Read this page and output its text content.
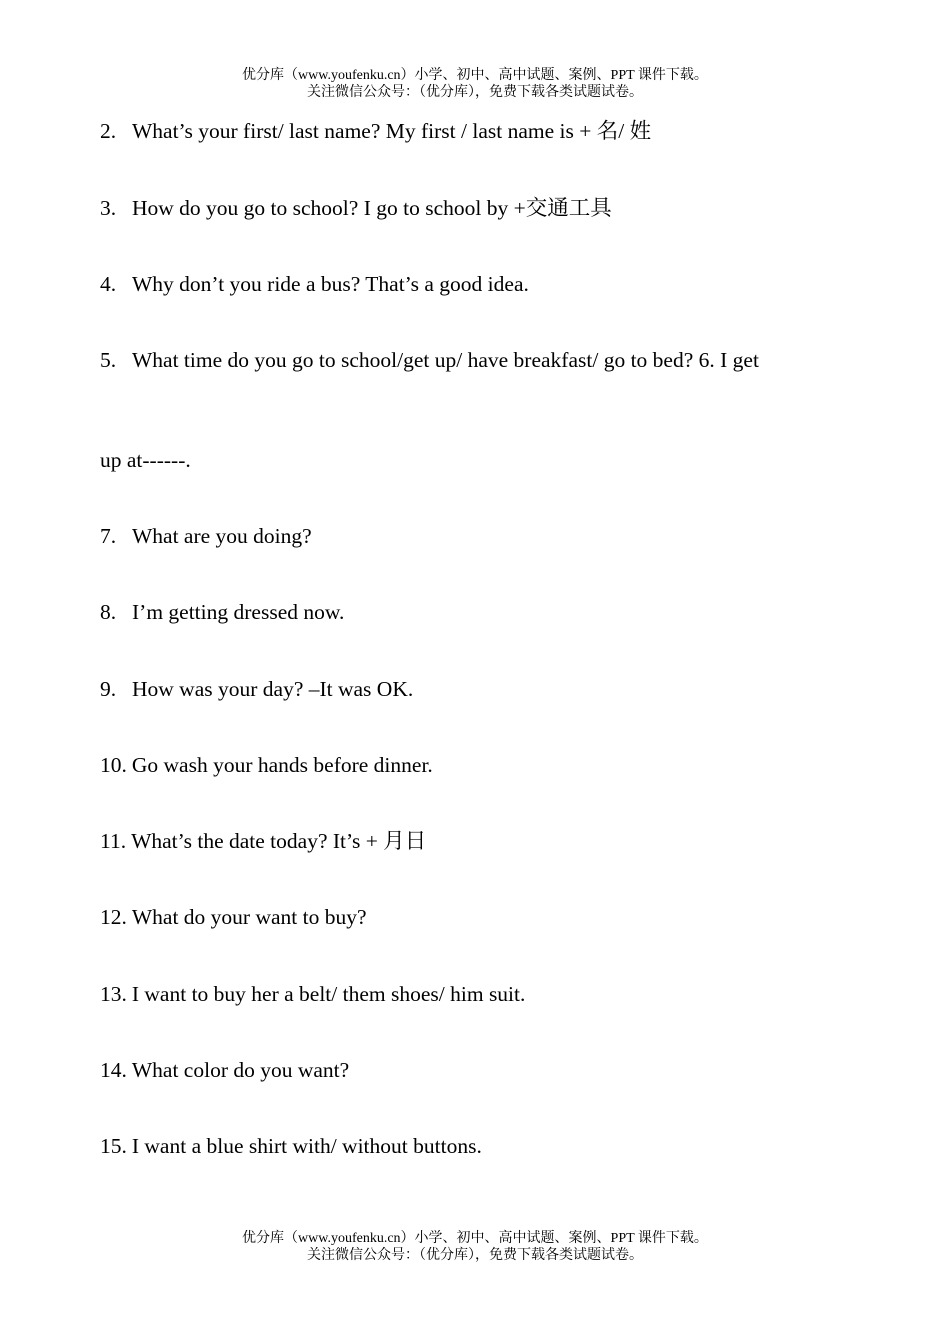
优分库（www.youfenku.cn）小学、初中、高中试题、案例、PPT 课件下载。
关注微信公众号：（优分库），免费下载各类试题试卷。
2. What’s your first/ last name? My first / last name is + 名/ 姓
3. How do you go to school? I go to school by +交通工具
4. Why don’t you ride a bus? That’s a good idea.
5. What time do you go to school/get up/ have breakfast/ go to bed? 6. I get
up at------.
7. What are you doing?
8. I’m getting dressed now.
9. How was your day? –It was OK.
10. Go wash your hands before dinner.
11. What’s the date today? It’s + 月日
12. What do your want to buy?
13. I want to buy her a belt/ them shoes/ him suit.
14. What color do you want?
15. I want a blue shirt with/ without buttons.
优分库（www.youfenku.cn）小学、初中、高中试题、案例、PPT 课件下载。
关注微信公众号：（优分库），免费下载各类试题试卷。
